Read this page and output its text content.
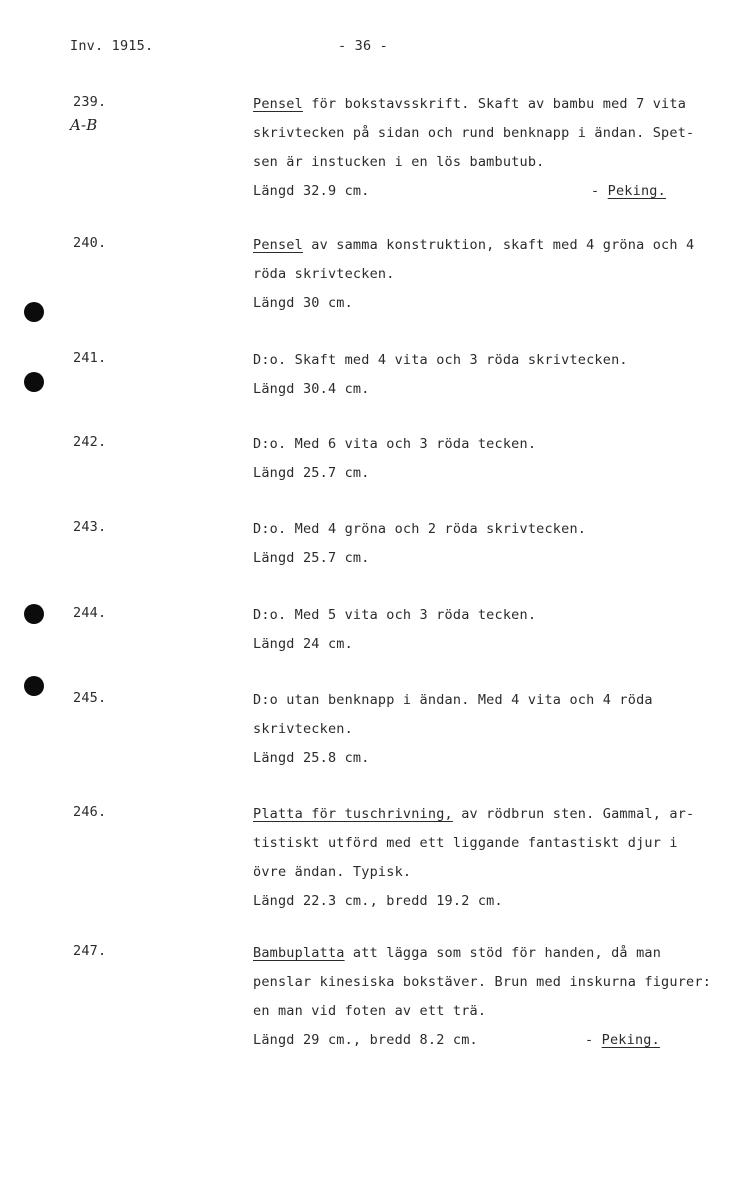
Inv. 1915.	- 36 -
239.
A-B
Pensel för bokstavsskrift. Skaft av bambu med 7 vita
skrivtecken på sidan och rund benknapp i ändan. Spet-
sen är instucken i en lös bambutub.
Längd 32.9 cm.	- Peking.
240.	Pensel av samma konstruktion, skaft med 4 gröna och 4
röda skrivtecken.
Längd 30 cm.
241.	D:o. Skaft med 4 vita och 3 röda skrivtecken.
Längd 30.4 cm.
242.	D:o. Med 6 vita och 3 röda tecken.
Längd 25.7 cm.
243.	D:o. Med 4 gröna och 2 röda skrivtecken.
Längd 25.7 cm.
244.	D:o. Med 5 vita och 3 röda tecken.
Längd 24 cm.
245.	D:o utan benknapp i ändan. Med 4 vita och 4 röda
skrivtecken.
Längd 25.8 cm.
246.	Platta för tuschrivning, av rödbrun sten. Gammal, ar-
tistiskt utförd med ett liggande fantastiskt djur i
övre ändan. Typisk.
Längd 22.3 cm., bredd 19.2 cm.
247.	Bambuplatta att lägga som stöd för handen, då man
penslar kinesiska bokstäver. Brun med inskurna figurer:
en man vid foten av ett trä.
Längd 29 cm., bredd 8.2 cm.	- Peking.
